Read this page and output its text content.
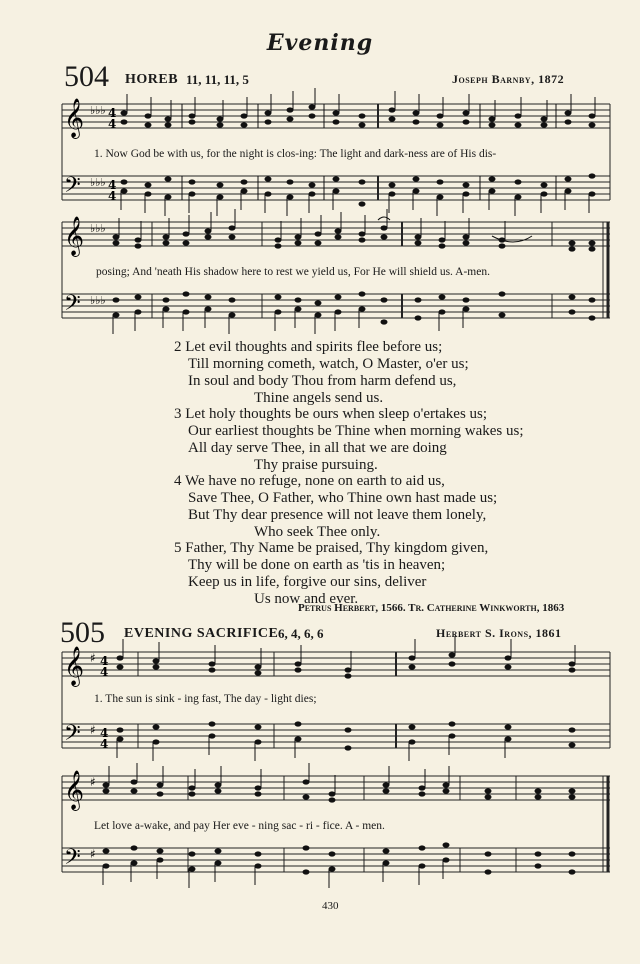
Evening
504 HOREB 11, 11, 11, 5	Joseph Barnby, 1872
𝄞
𝄢
♭♭♭
♭♭♭
4
4
4
4
1. Now God be with us, for the night is clos-ing: The light and dark-ness are of His dis-
𝄞
𝄢
♭♭♭
♭♭♭
posing; And 'neath His shadow here to rest we yield us, For He will shield us. A-men.
2 Let evil thoughts and spirits flee before us;
Till morning cometh, watch, O Master, o'er us;
In soul and body Thou from harm defend us,
Thine angels send us.
3 Let holy thoughts be ours when sleep o'ertakes us;
Our earliest thoughts be Thine when morning wakes us;
All day serve Thee, in all that we are doing
Thy praise pursuing.
4 We have no refuge, none on earth to aid us,
Save Thee, O Father, who Thine own hast made us;
But Thy dear presence will not leave them lonely,
Who seek Thee only.
5 Father, Thy Name be praised, Thy kingdom given,
Thy will be done on earth as 'tis in heaven;
Keep us in life, forgive our sins, deliver
Us now and ever.
Petrus Herbert, 1566. Tr. Catherine Winkworth, 1863
505 EVENING SACRIFICE 6, 4, 6, 6	Herbert S. Irons, 1861
𝄞
𝄢
♯
♯
4
4
4
4
1. The sun is sink - ing fast, The day - light dies;
𝄞
𝄢
♯
♯
Let love a-wake, and pay Her eve - ning sac - ri - fice. A - men.
430
